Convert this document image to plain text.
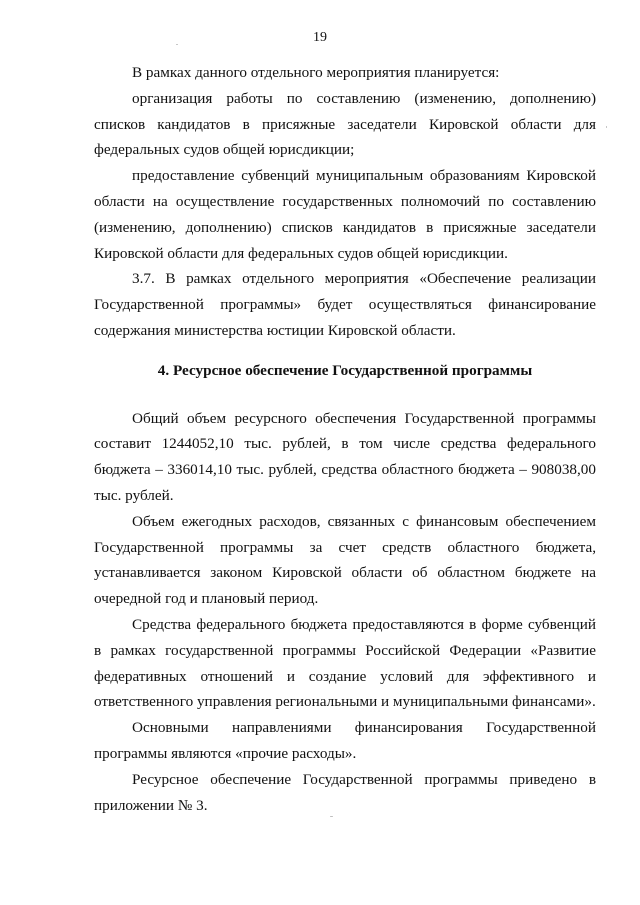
19

В рамках данного отдельного мероприятия планируется:

организация работы по составлению (изменению, дополнению) списков кандидатов в присяжные заседатели Кировской области для федеральных судов общей юрисдикции;

предоставление субвенций муниципальным образованиям Кировской области на осуществление государственных полномочий по составлению (изменению, дополнению) списков кандидатов в присяжные заседатели Кировской области для федеральных судов общей юрисдикции.

3.7. В рамках отдельного мероприятия «Обеспечение реализации Государственной программы» будет осуществляться финансирование содержания министерства юстиции Кировской области.

4. Ресурсное обеспечение Государственной программы

Общий объем ресурсного обеспечения Государственной программы составит 1244052,10 тыс. рублей, в том числе средства федерального бюджета – 336014,10 тыс. рублей, средства областного бюджета – 908038,00 тыс. рублей.

Объем ежегодных расходов, связанных с финансовым обеспечением Государственной программы за счет средств областного бюджета, устанавливается законом Кировской области об областном бюджете на очередной год и плановый период.

Средства федерального бюджета предоставляются в форме субвенций в рамках государственной программы Российской Федерации «Развитие федеративных отношений и создание условий для эффективного и ответственного управления региональными и муниципальными финансами».

Основными направлениями финансирования Государственной программы являются «прочие расходы».

Ресурсное обеспечение Государственной программы приведено в приложении № 3.
